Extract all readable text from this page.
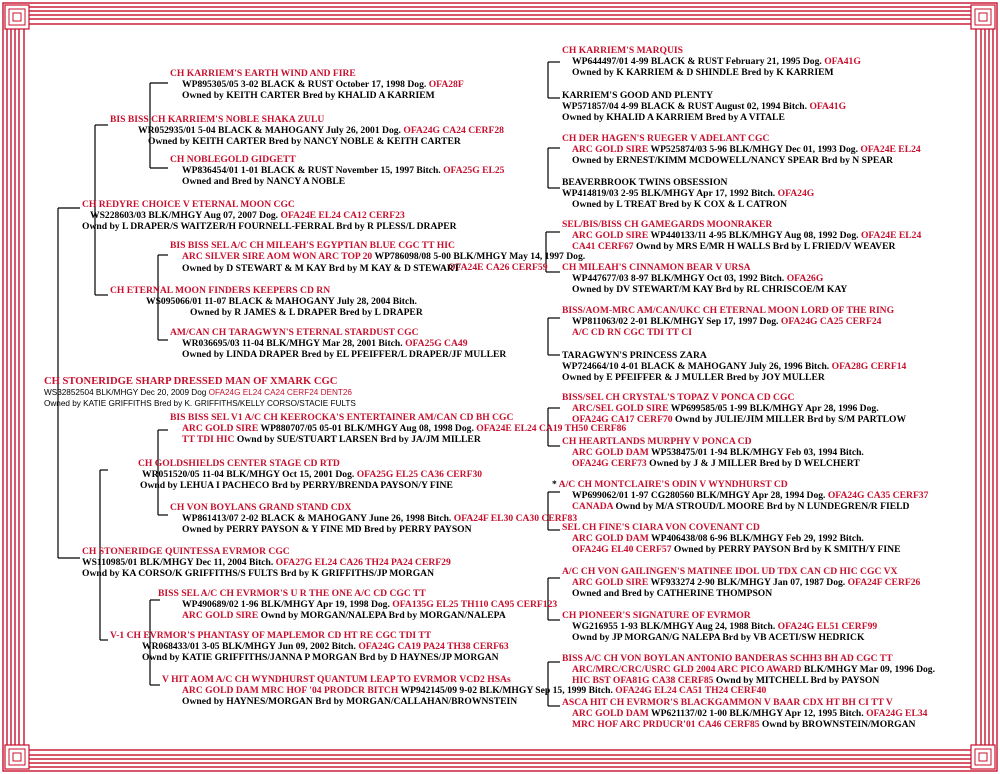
CH STONERIDGE SHARP DRESSED MAN OF XMARK CGC
WS32852504 BLK/MHGY Dec 20, 2009 Dog OFA24G EL24 CA24 CERF24 DENT26
Owned by KATIE GRIFFITHS Bred by K. GRIFFITHS/KELLY CORSO/STACIE FULTS
CH REDYRE CHOICE V ETERNAL MOON CGC
WS228603/03 BLK/MHGY Aug 07, 2007 Dog. OFA24E EL24 CA12 CERF23
Ownd by L DRAPER/S WAITZER/H FOURNELL-FERRAL Brd by R PLESS/L DRAPER
CH STONERIDGE QUINTESSA EVRMOR CGC
WS110985/01 BLK/MHGY Dec 11, 2004 Bitch. OFA27G EL24 CA26 TH24 PA24 CERF29
Ownd by KA CORSO/K GRIFFITHS/S FULTS Brd by K GRIFFITHS/JP MORGAN
BIS BISS CH KARRIEM'S NOBLE SHAKA ZULU
WR052935/01 5-04 BLACK & MAHOGANY July 26, 2001 Dog. OFA24G CA24 CERF28
Owned by KEITH CARTER Bred by NANCY NOBLE & KEITH CARTER
CH ETERNAL MOON FINDERS KEEPERS CD RN
WS095066/01 11-07 BLACK & MAHOGANY July 28, 2004 Bitch.
Owned by R JAMES & L DRAPER Bred by L DRAPER
CH GOLDSHIELDS CENTER STAGE CD RTD
WR051520/05 11-04 BLK/MHGY Oct 15, 2001 Dog. OFA25G EL25 CA36 CERF30
Ownd by LEHUA I PACHECO Brd by PERRY/BRENDA PAYSON/Y FINE
V-1 CH EVRMOR'S PHANTASY OF MAPLEMOR CD HT RE CGC TDI TT
WR068433/01 3-05 BLK/MHGY Jun 09, 2002 Bitch. OFA24G CA19 PA24 TH38 CERF63
Ownd by KATIE GRIFFITHS/JANNA P MORGAN Brd by D HAYNES/JP MORGAN
CH KARRIEM'S EARTH WIND AND FIRE
WP895305/05 3-02 BLACK & RUST October 17, 1998 Dog. OFA28F
Owned by KEITH CARTER Bred by KHALID A KARRIEM
CH NOBLEGOLD GIDGETT
WP836454/01 1-01 BLACK & RUST November 15, 1997 Bitch. OFA25G EL25
Owned and Bred by NANCY A NOBLE
BIS BISS SEL A/C CH MILEAH'S EGYPTIAN BLUE CGC TT HIC
ARC SILVER SIRE AOM WON ARC TOP 20 WP786098/08 5-00 BLK/MHGY May 14, 1997 Dog.
OFA24E CA26 CERF59
Owned by D STEWART & M KAY Brd by M KAY & D STEWART
AM/CAN CH TARAGWYN'S ETERNAL STARDUST CGC
WR036695/03 11-04 BLK/MHGY Mar 28, 2001 Bitch. OFA25G CA49
Owned by LINDA DRAPER Bred by EL PFEIFFER/L DRAPER/JF MULLER
BIS BISS SEL V1 A/C CH KEEROCKA'S ENTERTAINER AM/CAN CD BH CGC
ARC GOLD SIRE WP880707/05 05-01 BLK/MHGY Aug 08, 1998 Dog. OFA24E EL24 CA19 TH50 CERF86
TT TDI HIC Ownd by SUE/STUART LARSEN Brd by JA/JM MILLER
CH VON BOYLANS GRAND STAND CDX
WP861413/07 2-02 BLACK & MAHOGANY June 26, 1998 Bitch. OFA24F EL30 CA30 CERF83
Owned by PERRY PAYSON & Y FINE MD Bred by PERRY PAYSON
BISS SEL A/C CH EVRMOR'S U R THE ONE A/C CD CGC TT
WP490689/02 1-96 BLK/MHGY Apr 19, 1998 Dog. OFA135G EL25 TH110 CA95 CERF123
ARC GOLD SIRE Ownd by MORGAN/NALEPA Brd by MORGAN/NALEPA
V HIT AOM A/C CH WYNDHURST QUANTUM LEAP TO EVRMOR VCD2 HSAs
ARC GOLD DAM MRC HOF '04 PRODCR BITCH WP942145/09 9-02 BLK/MHGY Sep 15, 1999 Bitch. OFA24G EL24 CA51 TH24 CERF40
Owned by HAYNES/MORGAN Brd by MORGAN/CALLAHAN/BROWNSTEIN
CH KARRIEM'S MARQUIS
WP644497/01 4-99 BLACK & RUST February 21, 1995 Dog. OFA41G
Owned by K KARRIEM & D SHINDLE Bred by K KARRIEM
KARRIEM'S GOOD AND PLENTY
WP571857/04 4-99 BLACK & RUST August 02, 1994 Bitch. OFA41G
Owned by KHALID A KARRIEM Bred by A VITALE
CH DER HAGEN'S RUEGER V ADELANT CGC
ARC GOLD SIRE WP525874/03 5-96 BLK/MHGY Dec 01, 1993 Dog. OFA24E EL24
Owned by ERNEST/KIMM MCDOWELL/NANCY SPEAR Brd by N SPEAR
BEAVERBROOK TWINS OBSESSION
WP414819/03 2-95 BLK/MHGY Apr 17, 1992 Bitch. OFA24G
Owned by L TREAT Bred by K COX & L CATRON
SEL/BIS/BISS CH GAMEGARDS MOONRAKER
ARC GOLD SIRE WP440133/11 4-95 BLK/MHGY Aug 08, 1992 Dog. OFA24E EL24
CA41 CERF67 Ownd by MRS E/MR H WALLS Brd by L FRIED/V WEAVER
CH MILEAH'S CINNAMON BEAR V URSA
WP447677/03 8-97 BLK/MHGY Oct 03, 1992 Bitch. OFA26G
Owned by DV STEWART/M KAY Brd by RL CHRISCOE/M KAY
BISS/AOM-MRC AM/CAN/UKC CH ETERNAL MOON LORD OF THE RING
WP811063/02 2-01 BLK/MHGY Sep 17, 1997 Dog. OFA24G CA25 CERF24
A/C CD RN CGC TDI TT CI
TARAGWYN'S PRINCESS ZARA
WP724664/10 4-01 BLACK & MAHOGANY July 26, 1996 Bitch. OFA28G CERF14
Owned by E PFEIFFER & J MULLER Bred by JOY MULLER
BISS/SEL CH CRYSTAL'S TOPAZ V PONCA CD CGC
ARC/SEL GOLD SIRE WP699585/05 1-99 BLK/MHGY Apr 28, 1996 Dog.
OFA24G CA17 CERF70 Ownd by JULIE/JIM MILLER Brd by S/M PARTLOW
CH HEARTLANDS MURPHY V PONCA CD
ARC GOLD DAM WP538475/01 1-94 BLK/MHGY Feb 03, 1994 Bitch.
OFA24G CERF73 Owned by J & J MILLER Bred by D WELCHERT
* A/C CH MONTCLAIRE'S ODIN V WYNDHURST CD
WP699062/01 1-97 CG280560 BLK/MHGY Apr 28, 1994 Dog. OFA24G CA35 CERF37
CANADA Ownd by M/A STROUD/L MOORE Brd by N LUNDEGREN/R FIELD
SEL CH FINE'S CIARA VON COVENANT CD
ARC GOLD DAM WP406438/08 6-96 BLK/MHGY Feb 29, 1992 Bitch.
OFA24G EL40 CERF57 Owned by PERRY PAYSON Brd by K SMITH/Y FINE
A/C CH VON GAILINGEN'S MATINEE IDOL UD TDX CAN CD HIC CGC VX
ARC GOLD SIRE WF933274 2-90 BLK/MHGY Jan 07, 1987 Dog. OFA24F CERF26
Owned and Bred by CATHERINE THOMPSON
CH PIONEER'S SIGNATURE OF EVRMOR
WG216955 1-93 BLK/MHGY Aug 24, 1988 Bitch. OFA24G EL51 CERF99
Ownd by JP MORGAN/G NALEPA Brd by VB ACETI/SW HEDRICK
BISS A/C CH VON BOYLAN ANTONIO BANDERAS SCHH3 BH AD CGC TT
ARC/MRC/CRC/USRC GLD 2004 ARC PICO AWARD BLK/MHGY Mar 09, 1996 Dog.
HIC BST OFA81G CA38 CERF85 Ownd by MITCHELL Brd by PAYSON
ASCA HIT CH EVRMOR'S BLACKGAMMON V BAAR CDX HT BH CI TT V
ARC GOLD DAM WP621137/02 1-00 BLK/MHGY Apr 12, 1995 Bitch. OFA24G EL34
MRC HOF ARC PRDUCR'01 CA46 CERF85 Ownd by BROWNSTEIN/MORGAN
